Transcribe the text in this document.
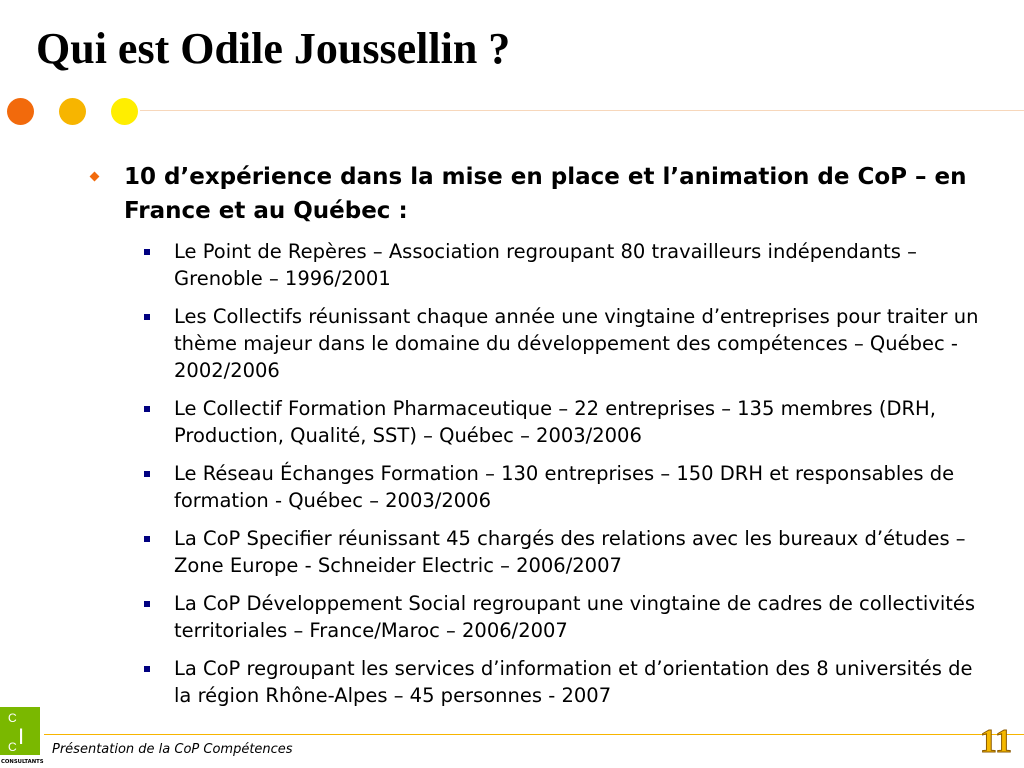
Qui est Odile Joussellin ?
10 d’expérience dans la mise en place et l’animation de CoP – en France et au Québec :
Le Point de Repères – Association regroupant 80 travailleurs indépendants – Grenoble – 1996/2001
Les Collectifs réunissant chaque année une vingtaine d’entreprises pour traiter un thème majeur dans le domaine du développement des compétences – Québec - 2002/2006
Le Collectif Formation Pharmaceutique – 22 entreprises – 135 membres (DRH, Production, Qualité, SST) – Québec – 2003/2006
Le Réseau Échanges Formation – 130 entreprises – 150 DRH et responsables de formation - Québec – 2003/2006
La CoP Specifier réunissant 45 chargés des relations avec les bureaux d’études – Zone Europe - Schneider Electric – 2006/2007
La CoP Développement Social regroupant une vingtaine de cadres de collectivités territoriales – France/Maroc – 2006/2007
La CoP regroupant les services d’information et d’orientation des 8 universités de la région Rhône-Alpes – 45 personnes - 2007
C
I
C
CONSULTANTS
Présentation de la CoP Compétences	11
